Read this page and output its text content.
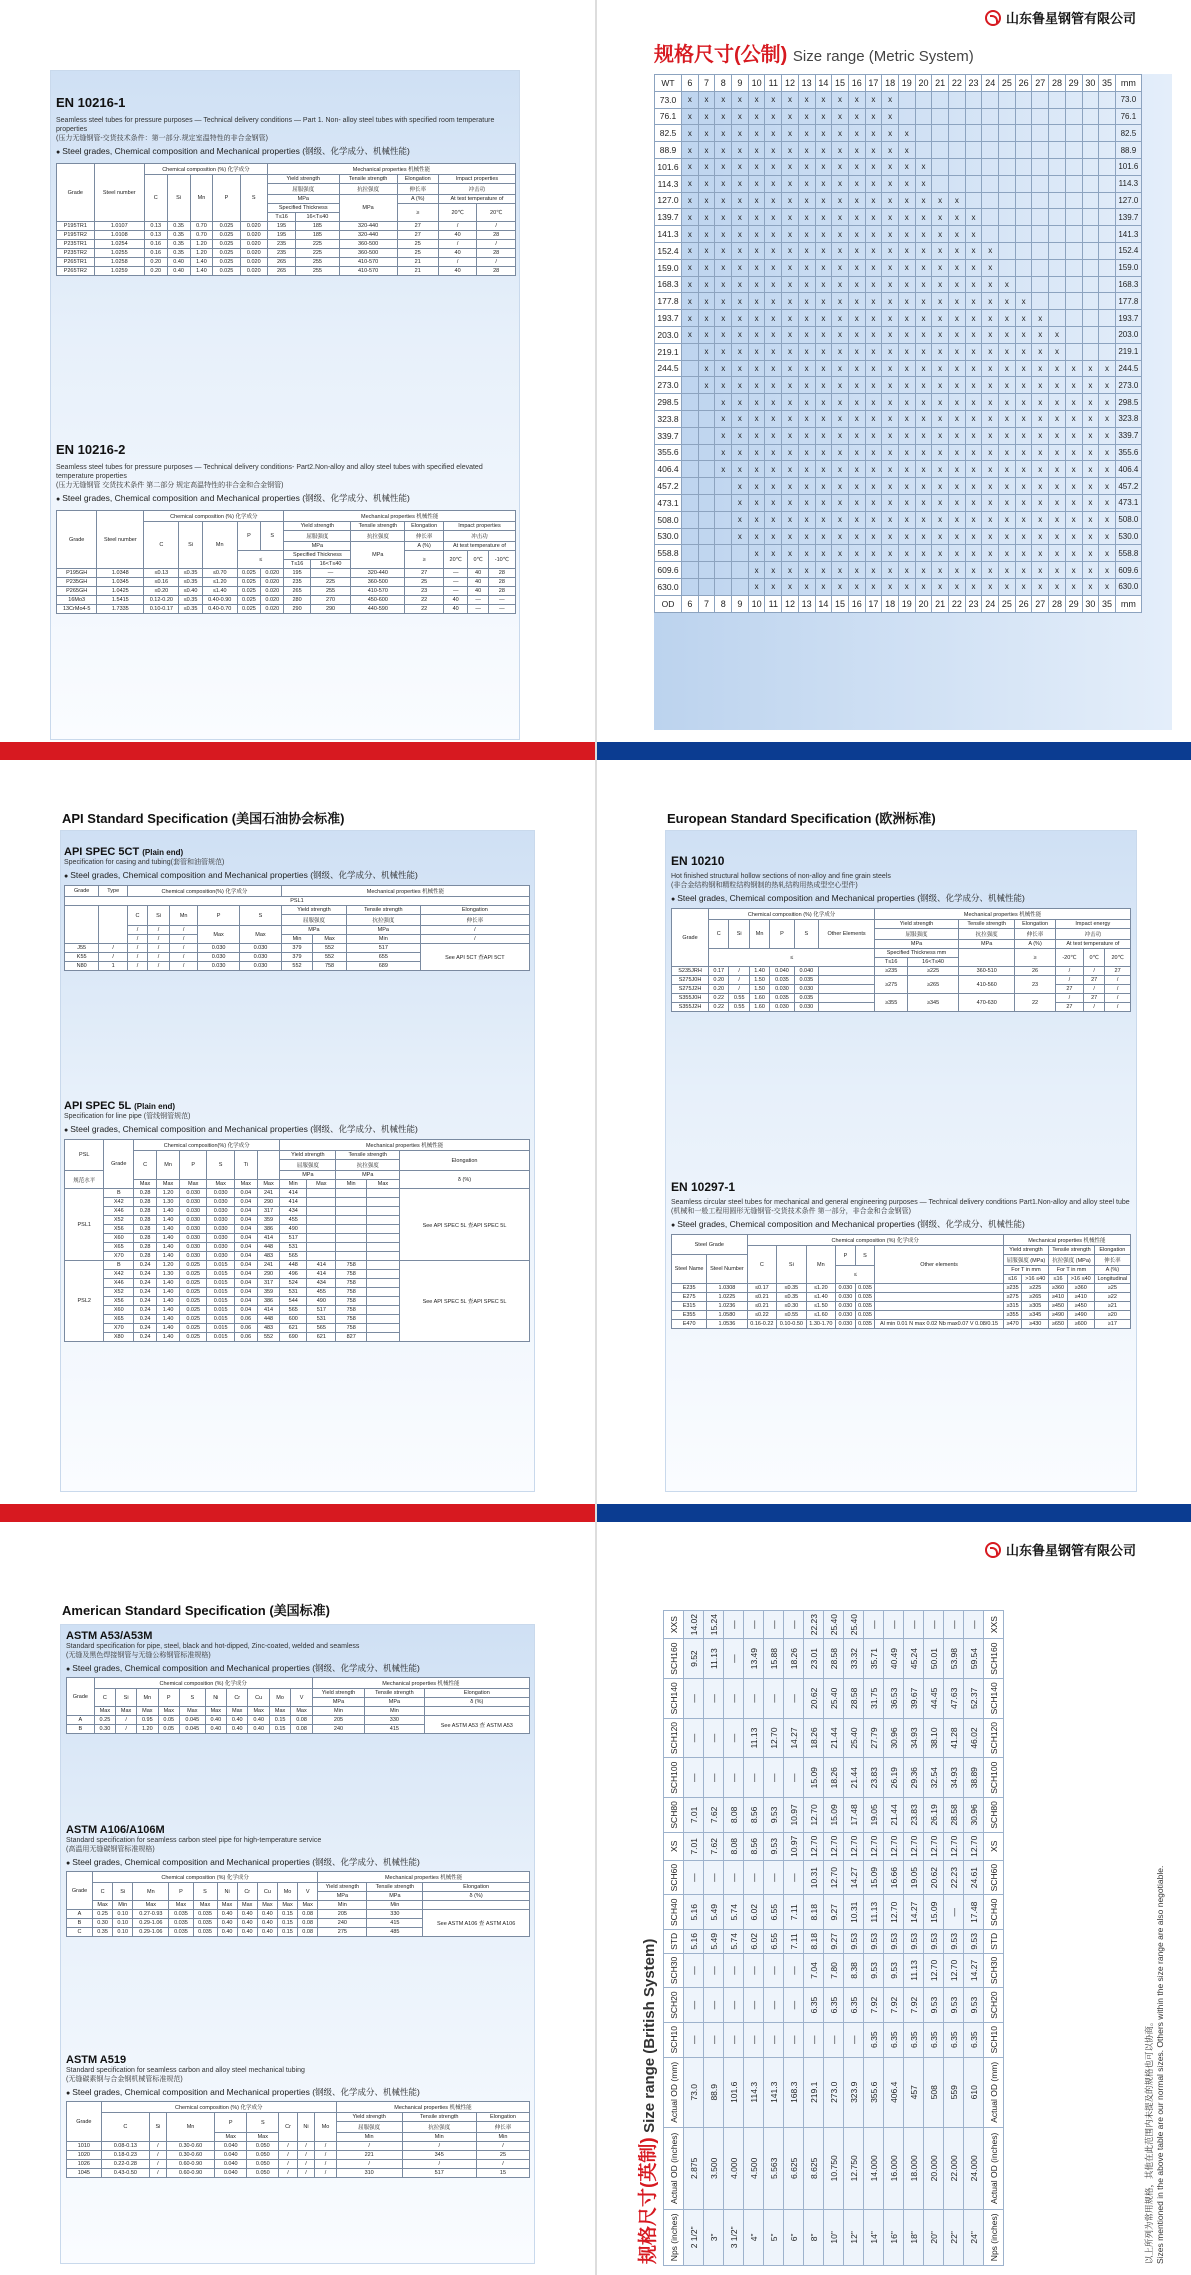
EN 10216-1
Seamless steel tubes for pressure purposes — Technical delivery conditions — Part 1. Non- alloy steel tubes with specified room temperature properties
(压力无缝钢管-交货技术条件：第一部分.规定室温特性的非合金钢管)
● Steel grades, Chemical composition and Mechanical properties (钢级、化学成分、机械性能)
Grade	Steel number	Chemical composition (%) 化学成分					Mechanical properties 机械性能					
		C	Si	Mn	P	S	Yield strength		Tensile strength	Elongation	Impact properties	
							屈服强度		抗拉强度	伸长率	冲击功	
							MPa		MPa	A (%)	At test temperature of	
							Specified Thickness			≥	20℃	20℃
							T≤16	16<T≤40				
P195TR1	1.0107	0.13	0.35	0.70	0.025	0.020	195	185	320-440	27	/	/
P195TR2	1.0108	0.13	0.35	0.70	0.025	0.020	195	185	320-440	27	40	28
P235TR1	1.0254	0.16	0.35	1.20	0.025	0.020	235	225	360-500	25	/	/
P235TR2	1.0255	0.16	0.35	1.20	0.025	0.020	235	225	360-500	25	40	28
P265TR1	1.0258	0.20	0.40	1.40	0.025	0.020	265	255	410-570	21	/	/
P265TR2	1.0259	0.20	0.40	1.40	0.025	0.020	265	255	410-570	21	40	28
EN 10216-2
Seamless steel tubes for pressure purposes — Technical delivery conditions- Part2.Non-alloy and alloy steel tubes with specified elevated temperature properties
(压力无缝钢管 交货技术条件 第二部分 规定高温特性的非合金和合金钢管)
● Steel grades, Chemical composition and Mechanical properties (钢级、化学成分、机械性能)
Grade	Steel number	Chemical composition (%) 化学成分					Mechanical properties 机械性能						
		C	Si	Mn	P	S	Yield strength		Tensile strength	Elongation	Impact properties		
							屈服强度		抗拉强度	伸长率	冲击功		
							MPa		MPa	A (%)	At test temperature of		
					≤		Specified Thickness			≥	20℃	0℃	-10℃
							T≤16	16<T≤40					
P195GH	1.0348	≤0.13	≤0.35	≤0.70	0.025	0.020	195	—	320-440	27	—	40	28
P235GH	1.0345	≤0.16	≤0.35	≤1.20	0.025	0.020	235	225	360-500	25	—	40	28
P265GH	1.0425	≤0.20	≤0.40	≤1.40	0.025	0.020	265	255	410-570	23	—	40	28
16Mo3	1.5415	0.12-0.20	≤0.35	0.40-0.90	0.025	0.020	280	270	450-600	22	40	—	—
13CrMo4-5	1.7335	0.10-0.17	≤0.35	0.40-0.70	0.025	0.020	290	290	440-590	22	40	—	—
山东鲁星钢管有限公司
规格尺寸(公制) Size range (Metric System)
WT	6	7	8	9	10	11	12	13	14	15	16	17	18	19	20	21	22	23	24	25	26	27	28	29	30	35	mm
73.0	x	x	x	x	x	x	x	x	x	x	x	x	x														73.0
76.1	x	x	x	x	x	x	x	x	x	x	x	x	x														76.1
82.5	x	x	x	x	x	x	x	x	x	x	x	x	x	x													82.5
88.9	x	x	x	x	x	x	x	x	x	x	x	x	x	x													88.9
101.6	x	x	x	x	x	x	x	x	x	x	x	x	x	x	x												101.6
114.3	x	x	x	x	x	x	x	x	x	x	x	x	x	x	x												114.3
127.0	x	x	x	x	x	x	x	x	x	x	x	x	x	x	x	x	x										127.0
139.7	x	x	x	x	x	x	x	x	x	x	x	x	x	x	x	x	x	x									139.7
141.3	x	x	x	x	x	x	x	x	x	x	x	x	x	x	x	x	x	x									141.3
152.4	x	x	x	x	x	x	x	x	x	x	x	x	x	x	x	x	x	x	x								152.4
159.0	x	x	x	x	x	x	x	x	x	x	x	x	x	x	x	x	x	x	x								159.0
168.3	x	x	x	x	x	x	x	x	x	x	x	x	x	x	x	x	x	x	x	x							168.3
177.8	x	x	x	x	x	x	x	x	x	x	x	x	x	x	x	x	x	x	x	x	x						177.8
193.7	x	x	x	x	x	x	x	x	x	x	x	x	x	x	x	x	x	x	x	x	x	x					193.7
203.0	x	x	x	x	x	x	x	x	x	x	x	x	x	x	x	x	x	x	x	x	x	x	x				203.0
219.1		x	x	x	x	x	x	x	x	x	x	x	x	x	x	x	x	x	x	x	x	x	x				219.1
244.5		x	x	x	x	x	x	x	x	x	x	x	x	x	x	x	x	x	x	x	x	x	x	x	x	x	244.5
273.0		x	x	x	x	x	x	x	x	x	x	x	x	x	x	x	x	x	x	x	x	x	x	x	x	x	273.0
298.5			x	x	x	x	x	x	x	x	x	x	x	x	x	x	x	x	x	x	x	x	x	x	x	x	298.5
323.8			x	x	x	x	x	x	x	x	x	x	x	x	x	x	x	x	x	x	x	x	x	x	x	x	323.8
339.7			x	x	x	x	x	x	x	x	x	x	x	x	x	x	x	x	x	x	x	x	x	x	x	x	339.7
355.6			x	x	x	x	x	x	x	x	x	x	x	x	x	x	x	x	x	x	x	x	x	x	x	x	355.6
406.4			x	x	x	x	x	x	x	x	x	x	x	x	x	x	x	x	x	x	x	x	x	x	x	x	406.4
457.2				x	x	x	x	x	x	x	x	x	x	x	x	x	x	x	x	x	x	x	x	x	x	x	457.2
473.1				x	x	x	x	x	x	x	x	x	x	x	x	x	x	x	x	x	x	x	x	x	x	x	473.1
508.0				x	x	x	x	x	x	x	x	x	x	x	x	x	x	x	x	x	x	x	x	x	x	x	508.0
530.0				x	x	x	x	x	x	x	x	x	x	x	x	x	x	x	x	x	x	x	x	x	x	x	530.0
558.8					x	x	x	x	x	x	x	x	x	x	x	x	x	x	x	x	x	x	x	x	x	x	558.8
609.6					x	x	x	x	x	x	x	x	x	x	x	x	x	x	x	x	x	x	x	x	x	x	609.6
630.0					x	x	x	x	x	x	x	x	x	x	x	x	x	x	x	x	x	x	x	x	x	x	630.0
OD	6	7	8	9	10	11	12	13	14	15	16	17	18	19	20	21	22	23	24	25	26	27	28	29	30	35	mm
API Standard Specification (美国石油协会标准)
API SPEC 5CT (Plain end)
Specification for casing and tubing(套管和油管规范)
● Steel grades, Chemical composition and Mechanical properties (钢级、化学成分、机械性能)
Grade	Type	Chemical composition(%) 化学成分					Mechanical properties 机械性能			
PSL1										
		C	Si	Mn	P	S	Yield strength		Tensile strength	Elongation
							屈服强度		抗拉强度	伸长率
		/	/	/	Max	Max	MPa		MPa	/
		/	/	/			Min	Max	Min	/
J55	/	/	/	/	0.030	0.030	379	552	517	See API 5CT 查API 5CT
K55	/	/	/	/	0.030	0.030	379	552	655	
N80	1	/	/	/	0.030	0.030	552	758	689	
API SPEC 5L (Plain end)
Specification for line pipe (管线钢管规范)
● Steel grades, Chemical composition and Mechanical properties (钢级、化学成分、机械性能)
PSL	Grade	Chemical composition(%) 化学成分						Mechanical properties 机械性能				
		C	Mn	P	S	Ti		Yield strength		Tensile strength		Elongation
								屈服强度		抗拉强度		
规范水平								MPa		MPa		δ (%)
		Max	Max	Max	Max	Max	Max	Min	Max	Min	Max	
PSL1	B	0.28	1.20	0.030	0.030	0.04	241	414				See API SPEC 5L 查API SPEC 5L
	X42	0.28	1.30	0.030	0.030	0.04	290	414				
	X46	0.28	1.40	0.030	0.030	0.04	317	434				
	X52	0.28	1.40	0.030	0.030	0.04	359	455				
	X56	0.28	1.40	0.030	0.030	0.04	386	490				
	X60	0.28	1.40	0.030	0.030	0.04	414	517				
	X65	0.28	1.40	0.030	0.030	0.04	448	531				
	X70	0.28	1.40	0.030	0.030	0.04	483	565				
PSL2	B	0.24	1.20	0.025	0.015	0.04	241	448	414	758		See API SPEC 5L 查API SPEC 5L
	X42	0.24	1.30	0.025	0.015	0.04	290	496	414	758		
	X46	0.24	1.40	0.025	0.015	0.04	317	524	434	758		
	X52	0.24	1.40	0.025	0.015	0.04	359	531	455	758		
	X56	0.24	1.40	0.025	0.015	0.04	386	544	490	758		
	X60	0.24	1.40	0.025	0.015	0.04	414	565	517	758		
	X65	0.24	1.40	0.025	0.015	0.06	448	600	531	758		
	X70	0.24	1.40	0.025	0.015	0.06	483	621	565	758		
	X80	0.24	1.40	0.025	0.015	0.06	552	690	621	827		
European Standard Specification (欧洲标准)
EN 10210
Hot finished structural hollow sections of non-alloy and fine grain steels
(非合金结构钢和精粒结构钢制的热轧结构用热成型空心型件)
● Steel grades, Chemical composition and Mechanical properties (钢级、化学成分、机械性能)
Grade	Chemical composition (%) 化学成分						Mechanical properties 机械性能						
	C	Si	Mn	P	S	Other Elements	Yield strength		Tensile strength	Elongation	Impact energy		
							屈服强度		抗拉强度	伸长率	冲击功		
							MPa		MPa	A (%)	At test temperature of		
	≤						Specified Thickness mm			≥	-20℃	0℃	20℃
							T≤16	16<T≤40					
S235JRH	0.17	/	1.40	0.040	0.040		≥235	≥225	360-510	26	/	/	27
S275J0H	0.20	/	1.50	0.035	0.035		≥275	≥265	410-560	23	/	27	/
S275J2H	0.20	/	1.50	0.030	0.030						27	/	/
S355J0H	0.22	0.55	1.60	0.035	0.035		≥355	≥345	470-630	22	/	27	/
S355J2H	0.22	0.55	1.60	0.030	0.030						27	/	/
EN 10297-1
Seamless circular steel tubes for mechanical and general engineering purposes — Technical delivery conditions Part1.Non-alloy and alloy steel tube
(机械和一般工程用圆形无缝钢管-交货技术条件 第一部分，非合金和合金钢管)
● Steel grades, Chemical composition and Mechanical properties (钢级、化学成分、机械性能)
Steel Grade		Chemical composition (%) 化学成分						Mechanical properties 机械性能				
		C	Si	Mn	P	S	Other elements	Yield strength		Tensile strength		Elongation
Steel Name	Steel Number							屈服强度 (MPa)		抗拉强度 (MPa)		伸长率
					≤			For T in mm		For T in mm		A (%)
								≤16	>16 ≤40	≤16	>16 ≤40	Longitudinal

E235	1.0308	≤0.17	≤0.35	≤1.20	0.030	0.035		≥235	≥225	≥360	≥360	≥25
E275	1.0225	≤0.21	≤0.35	≤1.40	0.030	0.035		≥275	≥265	≥410	≥410	≥22
E315	1.0236	≤0.21	≤0.30	≤1.50	0.030	0.035		≥315	≥305	≥450	≥450	≥21
E355	1.0580	≤0.22	≤0.55	≤1.60	0.030	0.035		≥355	≥345	≥490	≥490	≥20
E470	1.0536	0.16-0.22	0.10-0.50	1.30-1.70	0.030	0.035	Al min 0.01 N max 0.02 Nb max0.07 V 0.08/0.15	≥470	≥430	≥650	≥600	≥17
American Standard Specification (美国标准)
ASTM A53/A53M
Standard specification for pipe, steel, black and hot-dipped, Zinc-coated, welded and seamless
(无缝及黑色焊接钢管与无缝公称钢管标准规格)
● Steel grades, Chemical composition and Mechanical properties (钢级、化学成分、机械性能)
Grade	Chemical composition (%) 化学成分										Mechanical properties 机械性能		
	C	Si	Mn	P	S	Ni	Cr	Cu	Mo	V	Yield strength	Tensile strength	Elongation
											MPa	MPa	δ (%)
	Max	Max	Max	Max	Max	Max	Max	Max	Max	Max	Min	Min	
A	0.25	/	0.95	0.05	0.045	0.40	0.40	0.40	0.15	0.08	205	330	See ASTM A53 查 ASTM A53
B	0.30	/	1.20	0.05	0.045	0.40	0.40	0.40	0.15	0.08	240	415	
ASTM A106/A106M
Standard specification for seamless carbon steel pipe for high-temperature service
(高温用无缝碳钢管标准规格)
● Steel grades, Chemical composition and Mechanical properties (钢级、化学成分、机械性能)
Grade	Chemical composition (%) 化学成分										Mechanical properties 机械性能		
	C	Si	Mn	P	S	Ni	Cr	Cu	Mo	V	Yield strength	Tensile strength	Elongation
											MPa	MPa	δ (%)
	Max	Min	Max	Max	Max	Max	Max	Max	Max	Max	Min	Min	
A	0.25	0.10	0.27-0.93	0.035	0.035	0.40	0.40	0.40	0.15	0.08	205	330	See ASTM A106 查 ASTM A106
B	0.30	0.10	0.29-1.06	0.035	0.035	0.40	0.40	0.40	0.15	0.08	240	415	
C	0.35	0.10	0.29-1.06	0.035	0.035	0.40	0.40	0.40	0.15	0.08	275	485	
ASTM A519
Standard specification for seamless carbon and alloy steel mechanical tubing
(无缝碳素钢与合金钢机械管标准规范)
● Steel grades, Chemical composition and Mechanical properties (钢级、化学成分、机械性能)
Grade	Chemical composition (%) 化学成分								Mechanical properties 机械性能		
	C	Si	Mn	P	S	Cr	Ni	Mo	Yield strength	Tensile strength	Elongation
									屈服强度	抗拉强度	伸长率
				Max	Max				Min	Min	Min
1010	0.08-0.13	/	0.30-0.60	0.040	0.050	/	/	/	/	/	/
1020	0.18-0.23	/	0.30-0.60	0.040	0.050	/	/	/	221	345	25
1026	0.22-0.28	/	0.60-0.90	0.040	0.050	/	/	/	/	/	/
1045	0.43-0.50	/	0.60-0.90	0.040	0.050	/	/	/	310	517	15
山东鲁星钢管有限公司
规格尺寸(英制) Size range (British System)
Nps (inches)	Actual OD (inches)	Actual OD (mm)	SCH10	SCH20	SCH30	STD	SCH40	SCH60	XS	SCH80	SCH100	SCH120	SCH140	SCH160	XXS
2 1/2"	2.875	73.0	—	—	—	5.16	5.16	—	7.01	7.01	—	—	—	9.52	14.02
3"	3.500	88.9	—	—	—	5.49	5.49	—	7.62	7.62	—	—	—	11.13	15.24
3 1/2"	4.000	101.6	—	—	—	5.74	5.74	—	8.08	8.08	—	—	—	—	—
4"	4.500	114.3	—	—	—	6.02	6.02	—	8.56	8.56	—	11.13	—	13.49	—
5"	5.563	141.3	—	—	—	6.55	6.55	—	9.53	9.53	—	12.70	—	15.88	—
6"	6.625	168.3	—	—	—	7.11	7.11	—	10.97	10.97	—	14.27	—	18.26	—
8"	8.625	219.1	—	6.35	7.04	8.18	8.18	10.31	12.70	12.70	15.09	18.26	20.62	23.01	22.23
10"	10.750	273.0	—	6.35	7.80	9.27	9.27	12.70	12.70	15.09	18.26	21.44	25.40	28.58	25.40
12"	12.750	323.9	—	6.35	8.38	9.53	10.31	14.27	12.70	17.48	21.44	25.40	28.58	33.32	25.40
14"	14.000	355.6	6.35	7.92	9.53	9.53	11.13	15.09	12.70	19.05	23.83	27.79	31.75	35.71	—
16"	16.000	406.4	6.35	7.92	9.53	9.53	12.70	16.66	12.70	21.44	26.19	30.96	36.53	40.49	—
18"	18.000	457	6.35	7.92	11.13	9.53	14.27	19.05	12.70	23.83	29.36	34.93	39.67	45.24	—
20"	20.000	508	6.35	9.53	12.70	9.53	15.09	20.62	12.70	26.19	32.54	38.10	44.45	50.01	—
22"	22.000	559	6.35	9.53	12.70	9.53	—	22.23	12.70	28.58	34.93	41.28	47.63	53.98	—
24"	24.000	610	6.35	9.53	14.27	9.53	17.48	24.61	12.70	30.96	38.89	46.02	52.37	59.54	—
Nps (inches)	Actual OD (inches)	Actual OD (mm)	SCH10	SCH20	SCH30	STD	SCH40	SCH60	XS	SCH80	SCH100	SCH120	SCH140	SCH160	XXS
以上所列为常用规格，其他在此范围内未提及的规格也可以协商。 Sizes mentioned in the above table are our normal sizes. Others within the size range are also negotiable.
